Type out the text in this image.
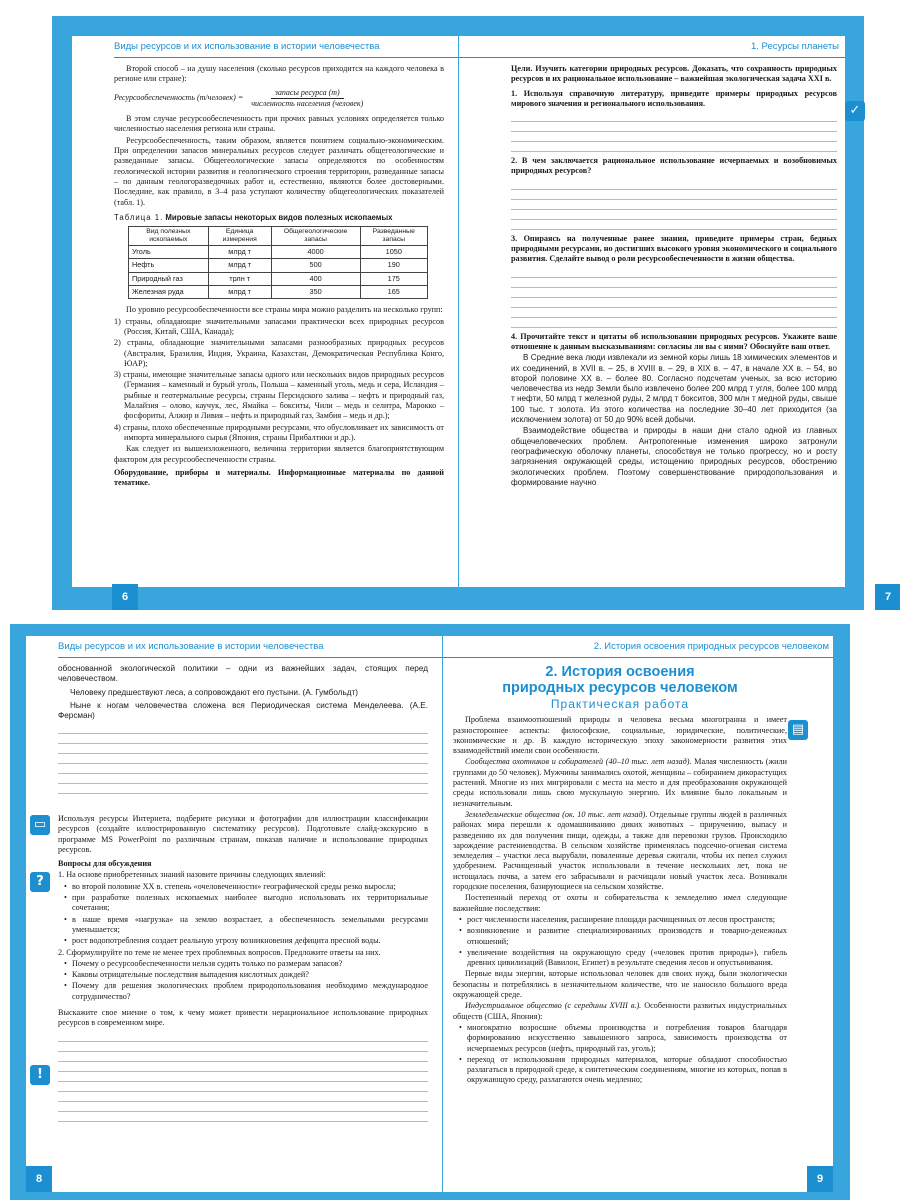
Виды ресурсов и их использование в истории человечества

Второй способ – на душу населения (сколько ресурсов приходится на каждого человека в регионе или стране):

Ресурсообеспеченность (т/человек) = $\frac{\text{запасы ресурса (т)}}{\text{численность населения (человек)}}$

В этом случае ресурсообеспеченность при прочих равных условиях определяется только численностью населения региона или страны.

Ресурсообеспеченность, таким образом, является понятием социально-экономическим. При определении запасов минеральных ресурсов следует различать общегеологические и разведанные запасы. Общегеологические запасы определяются по особенностям геологической истории развития и геологического строения территории, разведанные запасы – по данным геологоразведочных работ и, естественно, являются более достоверными. Последние, как правило, в 3–4 раза уступают количеству общегеологических показателей (табл. 1).

Таблица 1. Мировые запасы некоторых видов полезных ископаемых
Вид полезных ископаемых	Единица измерения	Общегеологические запасы	Разведанные запасы
Уголь	млрд т	4000	1050
Нефть	млрд т	500	190
Природный газ	трлн т	400	175
Железная руда	млрд т	350	165

По уровню ресурсообеспеченности все страны мира можно разделить на несколько групп:

1) страны, обладающие значительными запасами практически всех природных ресурсов (Россия, Китай, США, Канада);

2) страны, обладающие значительными запасами разнообразных природных ресурсов (Австралия, Бразилия, Индия, Украина, Казахстан, Демократическая Республика Конго, ЮАР);

3) страны, имеющие значительные запасы одного или нескольких видов природных ресурсов (Германия – каменный и бурый уголь, Польша – каменный уголь, медь и сера, Исландия – рыбные и геотермальные ресурсы, страны Персидского залива – нефть и природный газ, Малайзия – олово, каучук, лес, Ямайка – бокситы, Чили – медь и селитра, Марокко – фосфориты, Алжир и Ливия – нефть и природный газ, Замбия – медь и др.);

4) страны, плохо обеспеченные природными ресурсами, что обусловливает их зависимость от импорта минерального сырья (Япония, страны Прибалтики и др.).

Как следует из вышеизложенного, величина территории является благоприятствующим фактором для ресурсообеспеченности страны.

Оборудование, приборы и материалы. Информационные материалы по данной тематике.

6
1. Ресурсы планеты

Цели. Изучить категории природных ресурсов. Доказать, что сохранность природных ресурсов и их рациональное использование – важнейшая экологическая задача XXI в.

1. Используя справочную литературу, приведите примеры природных ресурсов мирового значения и регионального использования.

2. В чем заключается рациональное использование исчерпаемых и возобновимых природных ресурсов?

3. Опираясь на полученные ранее знания, приведите примеры стран, бедных природными ресурсами, но достигших высокого уровня экономического и социального развития. Сделайте вывод о роли ресурсообеспеченности в жизни общества.

4. Прочитайте текст и цитаты об использовании природных ресурсов. Укажите ваше отношение к данным высказываниям: согласны ли вы с ними? Обоснуйте ваш ответ.

В Средние века люди извлекали из земной коры лишь 18 химических элементов и их соединений, в XVII в. – 25, в XVIII в. – 29, в XIX в. – 47, в начале XX в. – 54, во второй половине XX в. – более 80. Согласно подсчетам ученых, за всю историю человечества из недр Земли было извлечено более 200 млрд т угля, более 100 млрд т нефти, 50 млрд т железной руды, 2 млрд т бокситов, 300 млн т медной руды, свыше 100 тыс. т золота. Из этого количества на последние 30–40 лет приходится (за исключением золота) от 50 до 90% всей добычи.

Взаимодействие общества и природы в наши дни стало одной из главных общечеловеческих проблем. Антропогенные изменения широко затронули географическую оболочку планеты, способствуя не только прогрессу, но и росту загрязнения окружающей среды, истощению природных ресурсов, обострению экологических проблем. Поэтому совершенствование природопользования и формирование научно

✓
7
Виды ресурсов и их использование в истории человечества

обоснованной экологической политики – одни из важнейших задач, стоящих перед человечеством.

Человеку предшествуют леса, а сопровождают его пустыни. (А. Гумбольдт)

Ныне к ногам человечества сложена вся Периодическая система Менделеева. (А.Е. Ферсман)

Используя ресурсы Интернета, подберите рисунки и фотографии для иллюстрации классификации ресурсов (создайте иллюстрированную систематику ресурсов). Подготовьте слайд-экскурсию в программе MS PowerPoint по различным странам, показав наличие и использование природных ресурсов.

Вопросы для обсуждения

1. На основе приобретенных знаний назовите причины следующих явлений:

• во второй половине XX в. степень «очеловеченности» географической среды резко выросла;
• при разработке полезных ископаемых наиболее выгодно использовать их территориальные сочетания;
• в наше время «нагрузка» на землю возрастает, а обеспеченность земельными ресурсами уменьшается;
• рост водопотребления создает реальную угрозу возникновения дефицита пресной воды.

2. Сформулируйте по теме не менее трех проблемных вопросов. Предложите ответы на них.

• Почему о ресурсообеспеченности нельзя судить только по размерам запасов?
• Каковы отрицательные последствия выпадения кислотных дождей?
• Почему для решения экологических проблем природопользования необходимо международное сотрудничество?

Выскажите свое мнение о том, к чему может привести нерациональное использование природных ресурсов в современном мире.

▭
?
!
8
2. История освоения природных ресурсов человеком
2. История освоения
природных ресурсов человеком
Практическая работа

Проблема взаимоотношений природы и человека весьма многогранна и имеет разностороннее аспекты: философские, социальные, юридические, политические, экономические и др. В каждую историческую эпоху закономерности развития этих взаимодействий имели свои особенности.

Сообщества охотников и собирателей (40–10 тыс. лет назад). Малая численность (жили группами до 50 человек). Мужчины занимались охотой, женщины – собиранием дикорастущих растений. Многие из них мигрировали с места на место и для преобразования окружающей среды использовали лишь свою мускульную энергию. Их влияние было локальным и незначительным.

Земледельческие общества (ок. 10 тыс. лет назад). Отдельные группы людей в различных районах мира перешли к одомашниванию диких животных – приручению, выпасу и разведению их для получения пищи, одежды, а также для перевозки грузов. Происходило зарождение растениеводства. В сельском хозяйстве применялась подсечно-огневая система земледелия – участки леса вырубали, поваленные деревья сжигали, чтобы их пепел служил удобрением. Расчищенный участок использовали в течение нескольких лет, пока не истощалась почва, а затем его забрасывали и расчищали новый участок леса. Возникали городские поселения, базирующиеся на сельском хозяйстве.

Постепенный переход от охоты и собирательства к земледелию имел следующие важнейшие последствия:

• рост численности населения, расширение площади расчищенных от лесов пространств;
• возникновение и развитие специализированных производств и товарно-денежных отношений;
• увеличение воздействия на окружающую среду («человек против природы»), гибель древних цивилизаций (Вавилон, Египет) в результате сведения лесов и опустынивания.

Первые виды энергии, которые использовал человек для своих нужд, были экологически безопасны и потреблялись в незначительном количестве, что не наносило большого вреда окружающей среде.

Индустриальное общество (с середины XVIII в.). Особенности развитых индустриальных обществ (США, Япония):

• многократно возросшие объемы производства и потребления товаров благодаря формированию искусственно завышенного запроса, зависимость производства от исчерпаемых ресурсов (нефть, природный газ, уголь);
• переход от использования природных материалов, которые обладают способностью разлагаться в природной среде, к синтетическим соединениям, многие из которых, попав в окружающую среду, разлагаются очень медленно;
▤
9
